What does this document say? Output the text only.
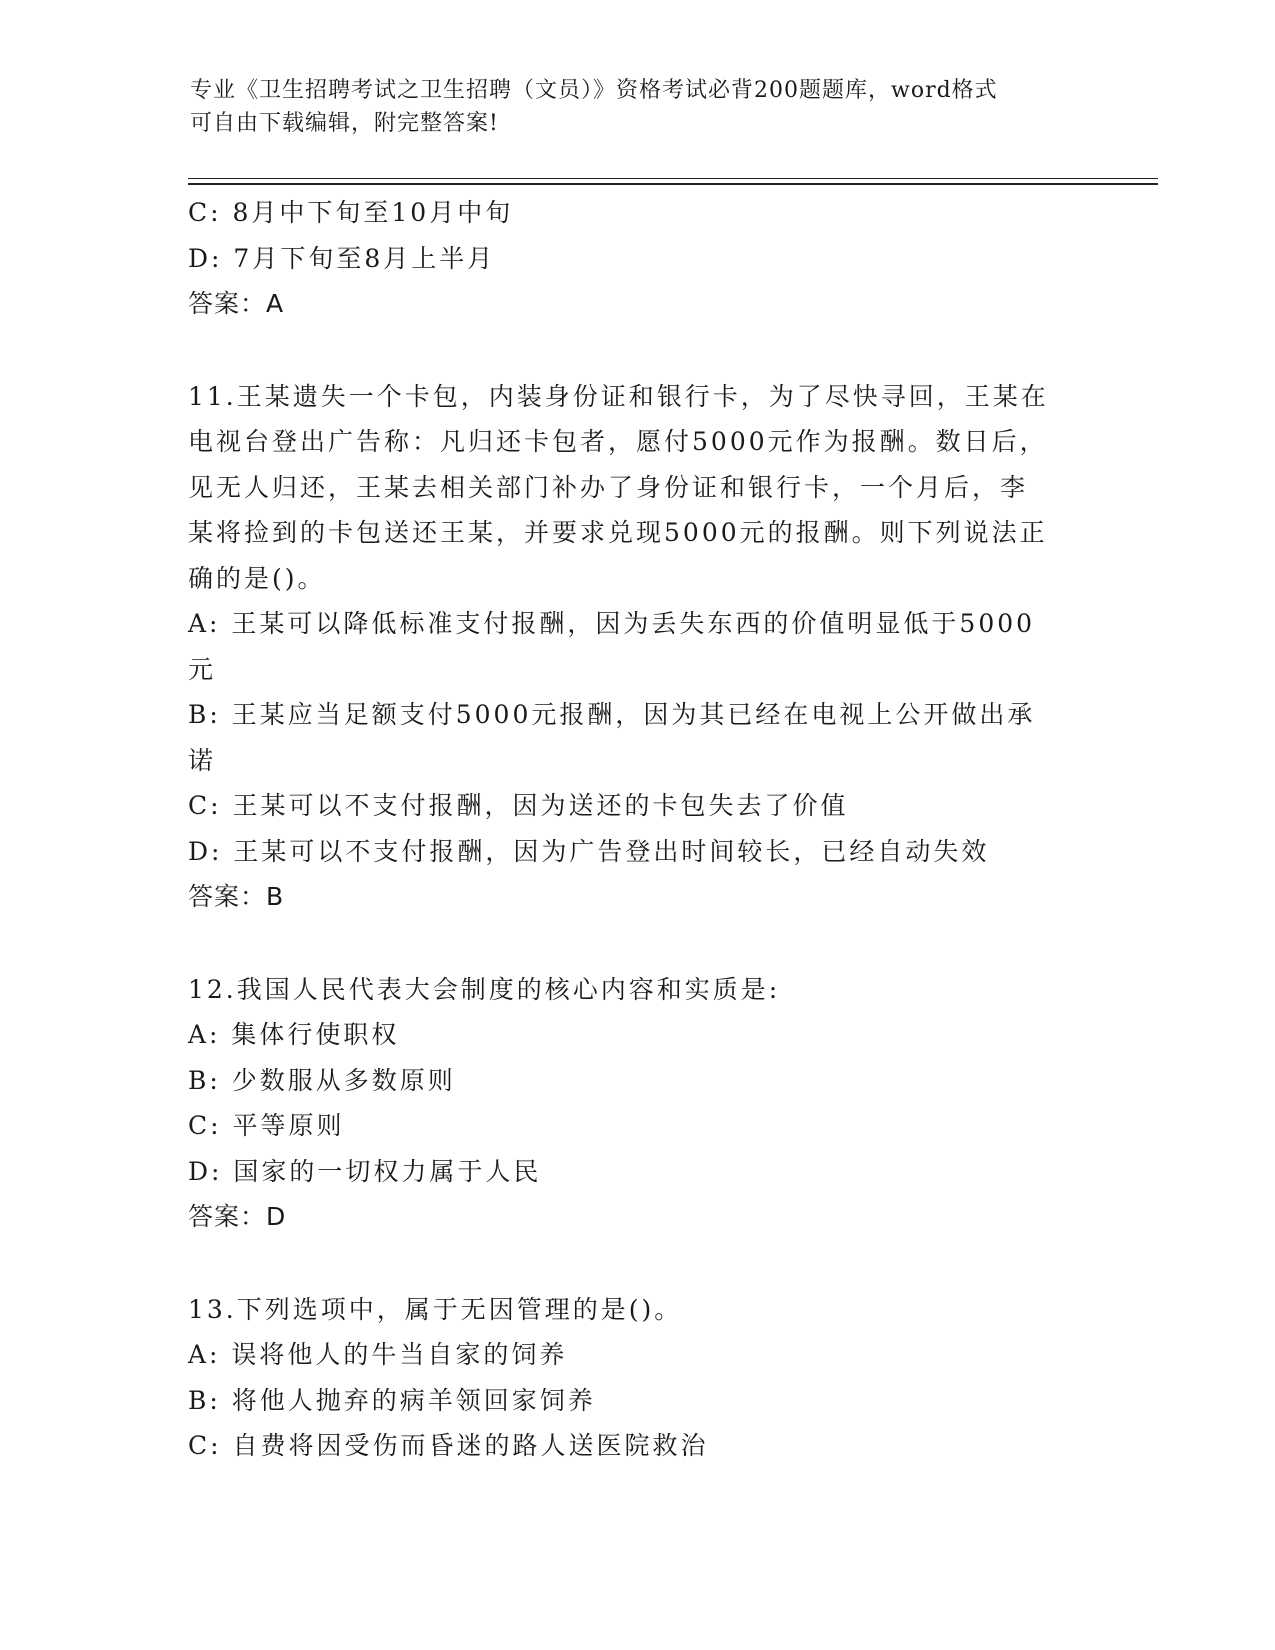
专业《卫生招聘考试之卫生招聘（文员）》资格考试必背200题题库，word格式
可自由下载编辑，附完整答案!
C: 8月中下旬至10月中旬
D: 7月下旬至8月上半月
答案：A
11.王某遗失一个卡包，内装身份证和银行卡，为了尽快寻回，王某在
电视台登出广告称：凡归还卡包者，愿付5000元作为报酬。数日后，
见无人归还，王某去相关部门补办了身份证和银行卡，一个月后，李
某将捡到的卡包送还王某，并要求兑现5000元的报酬。则下列说法正
确的是()。
A: 王某可以降低标准支付报酬，因为丢失东西的价值明显低于5000
元
B: 王某应当足额支付5000元报酬，因为其已经在电视上公开做出承
诺
C: 王某可以不支付报酬，因为送还的卡包失去了价值
D: 王某可以不支付报酬，因为广告登出时间较长，已经自动失效
答案：B
12.我国人民代表大会制度的核心内容和实质是:
A: 集体行使职权
B: 少数服从多数原则
C: 平等原则
D: 国家的一切权力属于人民
答案：D
13.下列选项中，属于无因管理的是()。
A: 误将他人的牛当自家的饲养
B: 将他人抛弃的病羊领回家饲养
C: 自费将因受伤而昏迷的路人送医院救治
